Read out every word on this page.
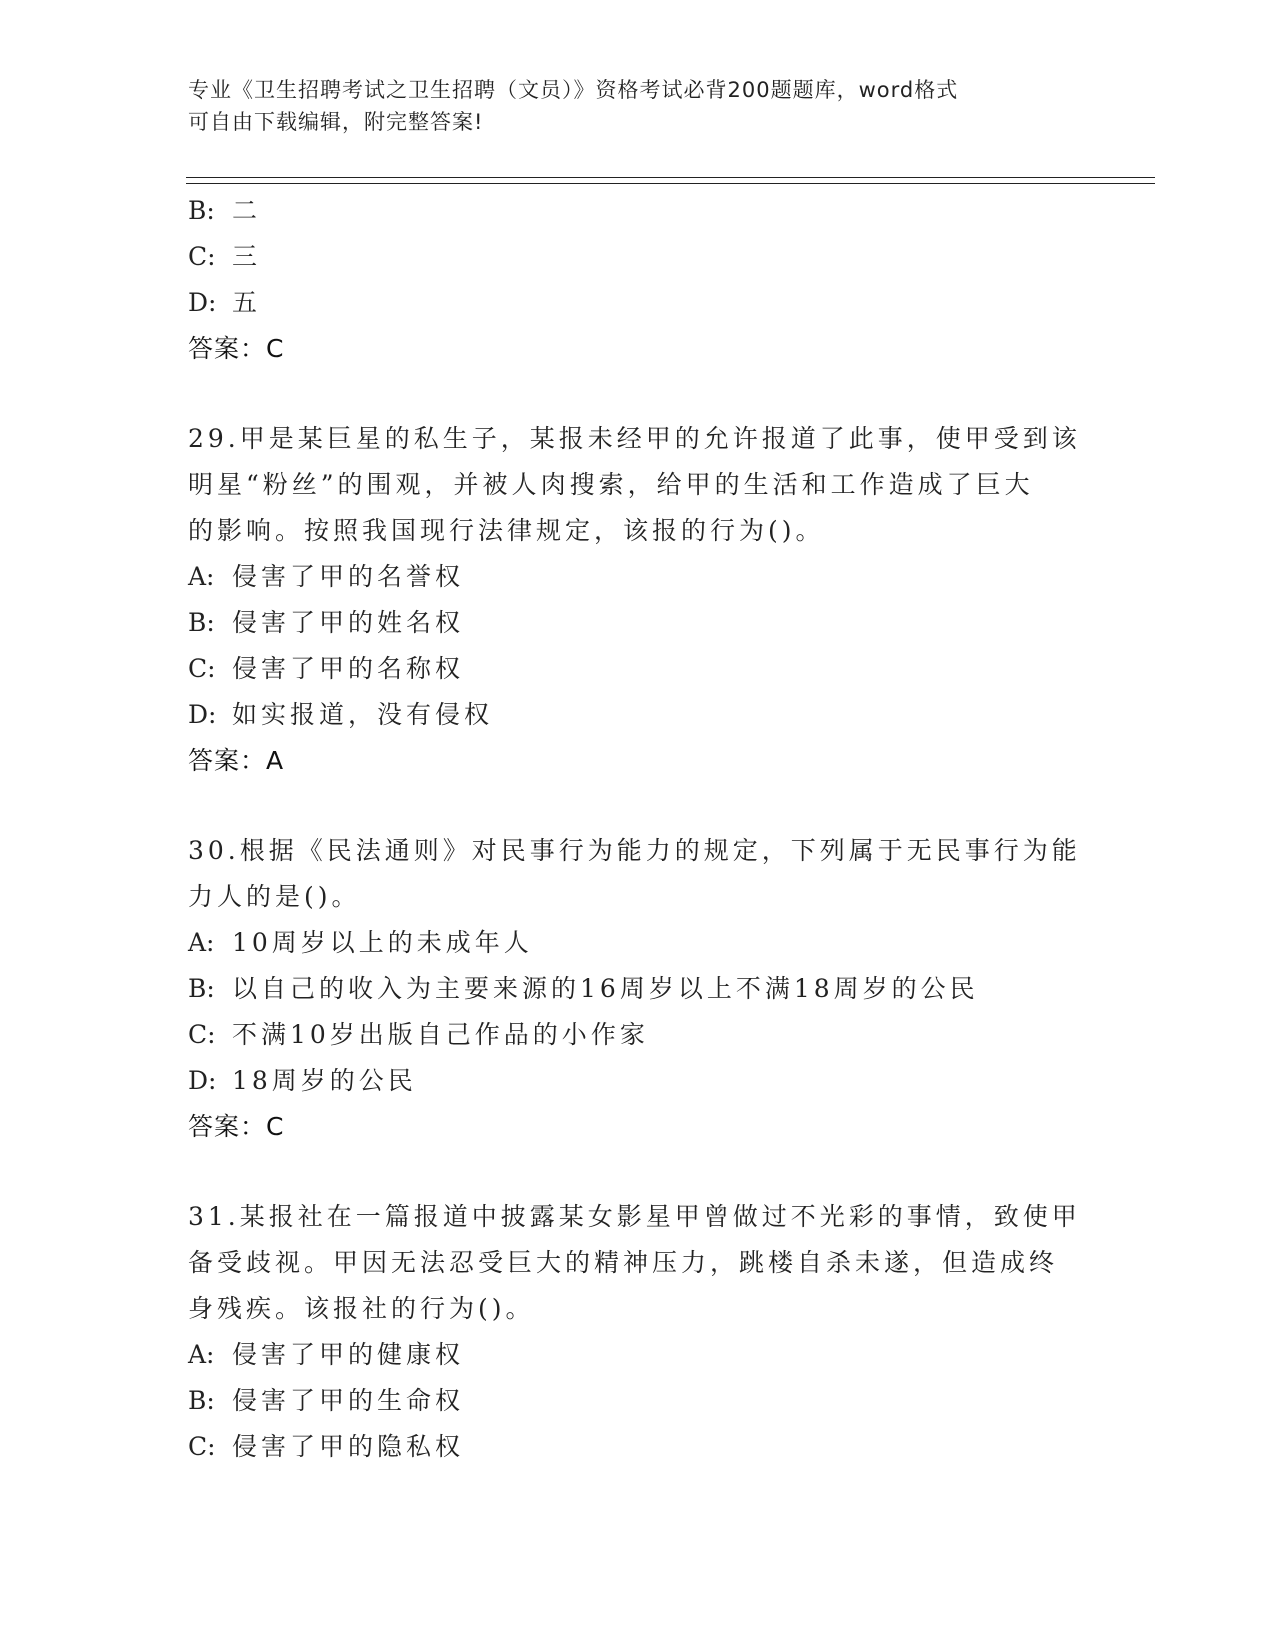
专业《卫生招聘考试之卫生招聘（文员）》资格考试必背200题题库，word格式
可自由下载编辑，附完整答案!
B: 二
C: 三
D: 五
答案：C
29.甲是某巨星的私生子，某报未经甲的允许报道了此事，使甲受到该
明星“粉丝”的围观，并被人肉搜索，给甲的生活和工作造成了巨大
的影响。按照我国现行法律规定，该报的行为()。
A: 侵害了甲的名誉权
B: 侵害了甲的姓名权
C: 侵害了甲的名称权
D: 如实报道，没有侵权
答案：A
30.根据《民法通则》对民事行为能力的规定，下列属于无民事行为能
力人的是()。
A: 10周岁以上的未成年人
B: 以自己的收入为主要来源的16周岁以上不满18周岁的公民
C: 不满10岁出版自己作品的小作家
D: 18周岁的公民
答案：C
31.某报社在一篇报道中披露某女影星甲曾做过不光彩的事情，致使甲
备受歧视。甲因无法忍受巨大的精神压力，跳楼自杀未遂，但造成终
身残疾。该报社的行为()。
A: 侵害了甲的健康权
B: 侵害了甲的生命权
C: 侵害了甲的隐私权
